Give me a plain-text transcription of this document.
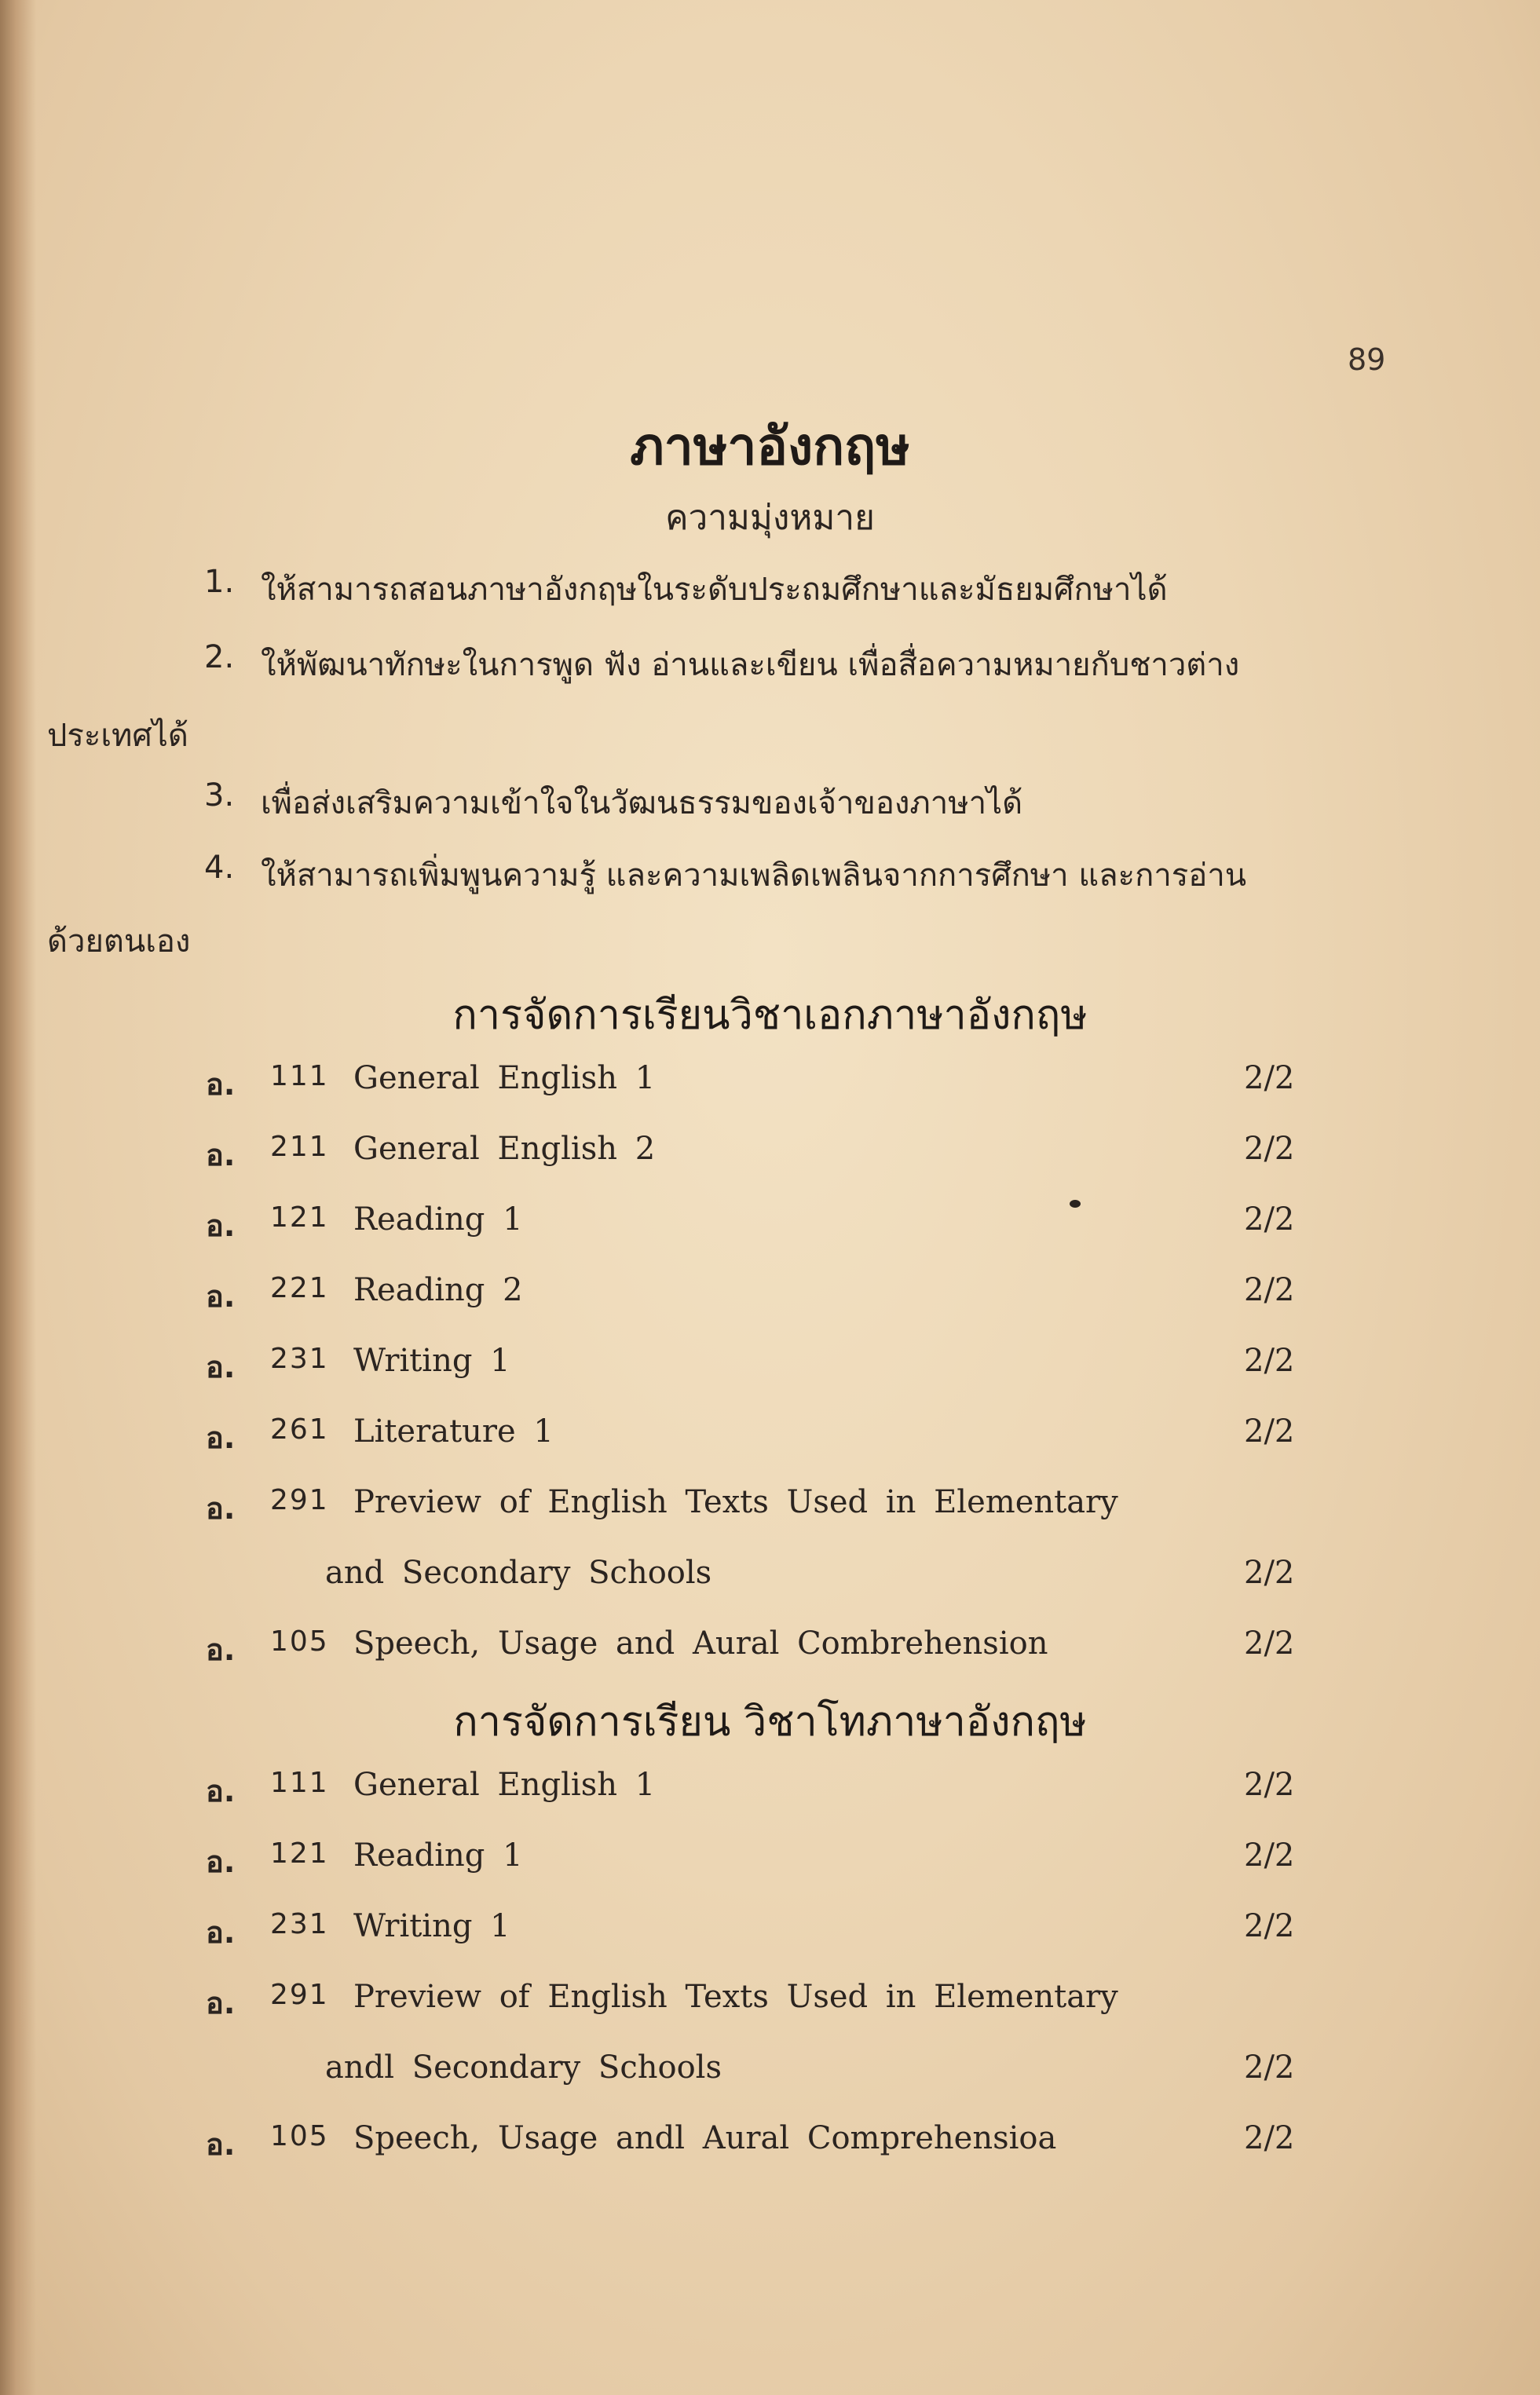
89
ภาษาอังกฤษ
ความมุ่งหมาย
1. ให้สามารถสอนภาษาอังกฤษในระดับประถมศึกษาและมัธยมศึกษาได้
2. ให้พัฒนาทักษะในการพูด ฟัง อ่านและเขียน เพื่อสื่อความหมายกับชาวต่าง
ประเทศได้
3. เพื่อส่งเสริมความเข้าใจในวัฒนธรรมของเจ้าของภาษาได้
4. ให้สามารถเพิ่มพูนความรู้ และความเพลิดเพลินจากการศึกษา และการอ่าน
ด้วยตนเอง
การจัดการเรียนวิชาเอกภาษาอังกฤษ
อ. 111 General English 1	2/2
อ. 211 General English 2	2/2
อ. 121 Reading 1	2/2
อ. 221 Reading 2	2/2
อ. 231 Writing 1	2/2
อ. 261 Literature 1	2/2
อ. 291 Preview of English Texts Used in Elementary
and Secondary Schools	2/2
อ. 105 Speech, Usage and Aural Combrehension	2/2
การจัดการเรียน วิชาโทภาษาอังกฤษ
อ. 111 General English 1	2/2
อ. 121 Reading 1	2/2
อ. 231 Writing 1	2/2
อ. 291 Preview of English Texts Used in Elementary
andl Secondary Schools	2/2
อ. 105 Speech, Usage andl Aural Comprehensioa	2/2
